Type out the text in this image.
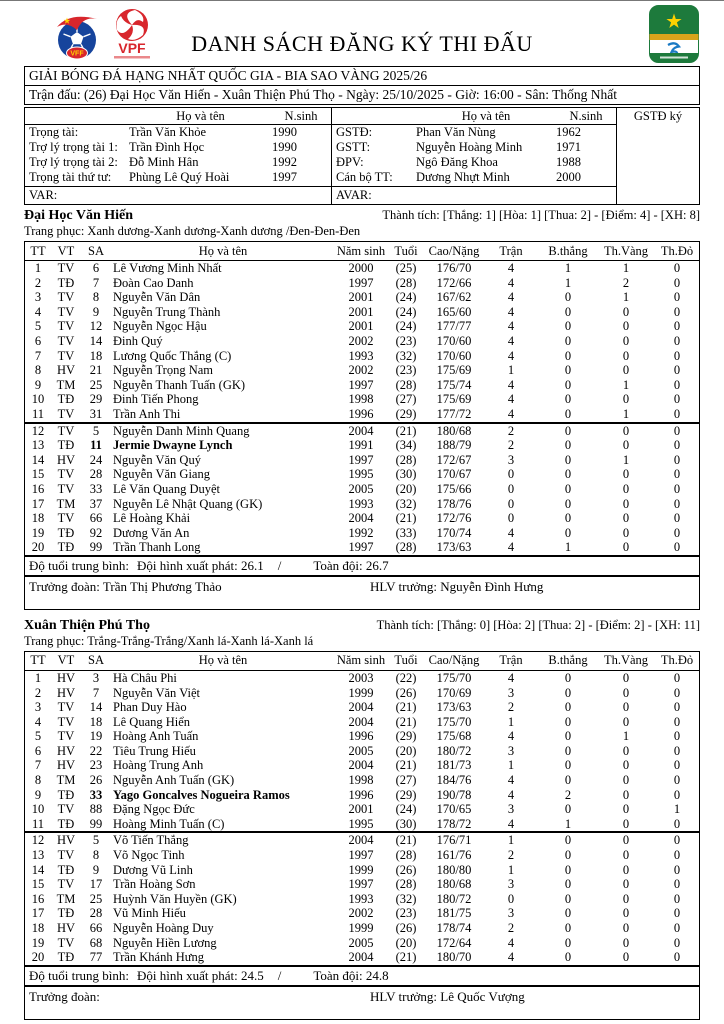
VFF VPF	DANH SÁCH ĐĂNG KÝ THI ĐẤU
GIẢI BÓNG ĐÁ HẠNG NHẤT QUỐC GIA - BIA SAO VÀNG 2025/26
Trận đấu: (26) Đại Học Văn Hiến - Xuân Thiện Phú Thọ - Ngày: 25/10/2025 - Giờ: 16:00 - Sân: Thống Nhất
Họ và tên	N.sinh
Trọng tài:	Trần Văn Khỏe	1990
Trợ lý trọng tài 1: Trần Đình Học	1990
Trợ lý trọng tài 2: Đỗ Minh Hân	1992
Trọng tài thứ tư:	Phùng Lê Quý Hoài	1997
VAR:
Họ và tên	N.sinh
GSTĐ:	Phan Văn Nùng	1962
GSTT:	Nguyễn Hoàng Minh	1971
ĐPV:	Ngô Đăng Khoa	1988
Cán bộ TT:	Dương Nhựt Minh	2000
AVAR:
GSTĐ ký
Đại Học Văn Hiến	Thành tích: [Thắng: 1] [Hòa: 1] [Thua: 2] - [Điểm: 4] - [XH: 8]
Trang phục: Xanh dương-Xanh dương-Xanh dương /Đen-Đen-Đen
TT VT	SA	Họ và tên	Năm sinh Tuổi Cao/Nặng	Trận	B.thắng	Th.Vàng	Th.Đỏ
1	TV	6	Lê Vương Minh Nhất	2000	(25)	176/70	4	1	1	0
2	TĐ	7	Đoàn Cao Danh	1997	(28)	172/66	4	1	2	0
3	TV	8	Nguyễn Văn Dân	2001	(24)	167/62	4	0	1	0
4	TV	9	Nguyễn Trung Thành	2001	(24)	165/60	4	0	0	0
5	TV	12 Nguyễn Ngọc Hậu	2001	(24)	177/77	4	0	0	0
6	TV	14 Đinh Quý	2002	(23)	170/60	4	0	0	0
7	TV	18 Lương Quốc Thắng (C)	1993	(32)	170/60	4	0	0	0
8	HV	21 Nguyễn Trọng Nam	2002	(23)	175/69	1	0	0	0
9	TM	25 Nguyễn Thanh Tuấn (GK)	1997	(28)	175/74	4	0	1	0
10	TĐ	29 Đinh Tiến Phong	1998	(27)	175/69	4	0	0	0
11	TV	31 Trần Anh Thi	1996	(29)	177/72	4	0	1	0
12	TV	5	Nguyễn Danh Minh Quang	2004	(21)	180/68	2	0	0	0
13	TĐ	11 Jermie Dwayne Lynch	1991	(34)	188/79	2	0	0	0
14	HV	24 Nguyễn Văn Quý	1997	(28)	172/67	3	0	1	0
15	TV	28 Nguyễn Văn Giang	1995	(30)	170/67	0	0	0	0
16	TV	33 Lê Văn Quang Duyệt	2005	(20)	175/66	0	0	0	0
17 TM	37 Nguyễn Lê Nhật Quang (GK)	1993	(32)	178/76	0	0	0	0
18	TV	66 Lê Hoàng Khải	2004	(21)	172/76	0	0	0	0
19	TĐ	92 Dương Văn An	1992	(33)	170/74	4	0	0	0
20	TĐ	99 Trần Thanh Long	1997	(28)	173/63	4	1	0	0
Độ tuổi trung bình: Đội hình xuất phát: 26.1 / Toàn đội: 26.7
Trưởng đoàn: Trần Thị Phương Thảo	HLV trưởng: Nguyễn Đình Hưng
Xuân Thiện Phú Thọ	Thành tích: [Thắng: 0] [Hòa: 2] [Thua: 2] - [Điểm: 2] - [XH: 11]
Trang phục: Trắng-Trắng-Trắng/Xanh lá-Xanh lá-Xanh lá
TT VT	SA	Họ và tên	Năm sinh Tuổi Cao/Nặng	Trận	B.thắng	Th.Vàng	Th.Đỏ
1	HV	3	Hà Châu Phi	2003	(22)	175/70	4	0	0	0
2	HV	7	Nguyễn Văn Việt	1999	(26)	170/69	3	0	0	0
3	TV	14 Phan Duy Hào	2004	(21)	173/63	2	0	0	0
4	TV	18 Lê Quang Hiển	2004	(21)	175/70	1	0	0	0
5	TV	19 Hoàng Anh Tuấn	1996	(29)	175/68	4	0	1	0
6	HV	22 Tiêu Trung Hiếu	2005	(20)	180/72	3	0	0	0
7	HV	23 Hoàng Trung Anh	2004	(21)	181/73	1	0	0	0
8	TM	26 Nguyễn Anh Tuấn (GK)	1998	(27)	184/76	4	0	0	0
9	TĐ	33 Yago Goncalves Nogueira Ramos	1996	(29)	190/78	4	2	0	0
10	TV	88 Đặng Ngọc Đức	2001	(24)	170/65	3	0	0	1
11	TĐ	99 Hoàng Minh Tuấn (C)	1995	(30)	178/72	4	1	0	0
12	HV	5	Võ Tiến Thắng	2004	(21)	176/71	1	0	0	0
13	TV	8	Võ Ngọc Tinh	1997	(28)	161/76	2	0	0	0
14	TĐ	9	Dương Vũ Linh	1999	(26)	180/80	1	0	0	0
15	TV	17 Trần Hoàng Sơn	1997	(28)	180/68	3	0	0	0
16 TM	25 Huỳnh Văn Huyền (GK)	1993	(32)	180/72	0	0	0	0
17	TĐ	28 Vũ Minh Hiếu	2002	(23)	181/75	3	0	0	0
18	HV	66 Nguyễn Hoàng Duy	1999	(26)	178/74	2	0	0	0
19	TV	68 Nguyễn Hiền Lương	2005	(20)	172/64	4	0	0	0
20	TĐ	77 Trần Khánh Hưng	2004	(21)	180/70	4	0	0	0
Độ tuổi trung bình: Đội hình xuất phát: 24.5 / Toàn đội: 24.8
Trưởng đoàn:	HLV trưởng: Lê Quốc Vượng
